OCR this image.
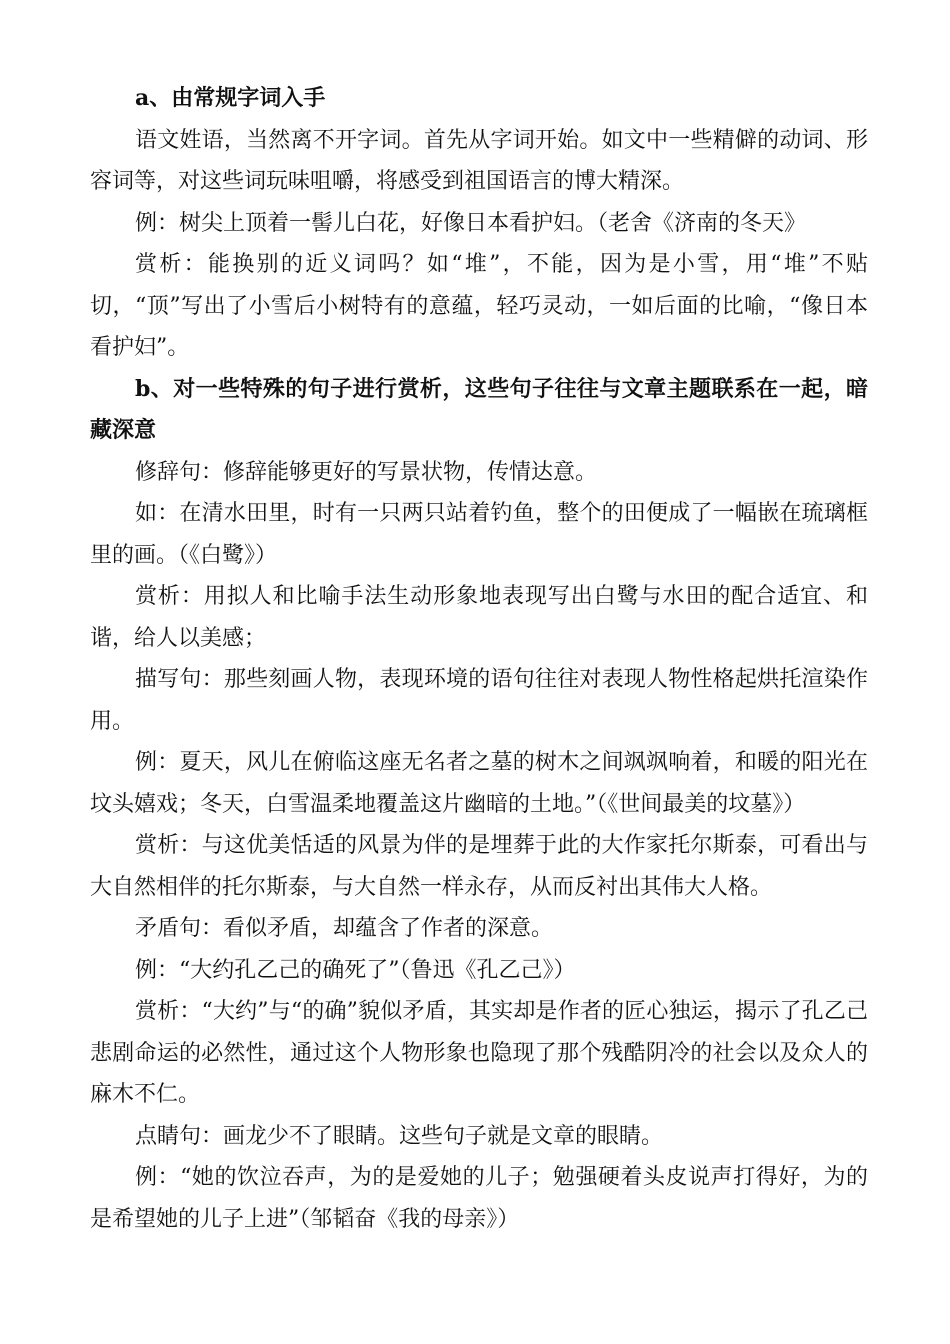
a、由常规字词入手

语文姓语，当然离不开字词。首先从字词开始。如文中一些精僻的动词、形容词等，对这些词玩味咀嚼，将感受到祖国语言的博大精深。

例：树尖上顶着一髻儿白花，好像日本看护妇。（老舍《济南的冬天》

赏析：能换别的近义词吗？如“堆”，不能，因为是小雪，用“堆”不贴切，“顶”写出了小雪后小树特有的意蕴，轻巧灵动，一如后面的比喻，“像日本看护妇”。

b、对一些特殊的句子进行赏析，这些句子往往与文章主题联系在一起，暗藏深意

修辞句：修辞能够更好的写景状物，传情达意。

如：在清水田里，时有一只两只站着钓鱼，整个的田便成了一幅嵌在琉璃框里的画。（《白鹭》）

赏析：用拟人和比喻手法生动形象地表现写出白鹭与水田的配合适宜、和谐，给人以美感；

描写句：那些刻画人物，表现环境的语句往往对表现人物性格起烘托渲染作用。

例：夏天，风儿在俯临这座无名者之墓的树木之间飒飒响着，和暖的阳光在坟头嬉戏；冬天，白雪温柔地覆盖这片幽暗的土地。”（《世间最美的坟墓》）

赏析：与这优美恬适的风景为伴的是埋葬于此的大作家托尔斯泰，可看出与大自然相伴的托尔斯泰，与大自然一样永存，从而反衬出其伟大人格。

矛盾句：看似矛盾，却蕴含了作者的深意。

例：“大约孔乙己的确死了”（鲁迅《孔乙己》）

赏析：“大约”与“的确”貌似矛盾，其实却是作者的匠心独运，揭示了孔乙己悲剧命运的必然性，通过这个人物形象也隐现了那个残酷阴冷的社会以及众人的麻木不仁。

点睛句：画龙少不了眼睛。这些句子就是文章的眼睛。

例：“她的饮泣吞声，为的是爱她的儿子；勉强硬着头皮说声打得好，为的是希望她的儿子上进”（邹韬奋《我的母亲》）
